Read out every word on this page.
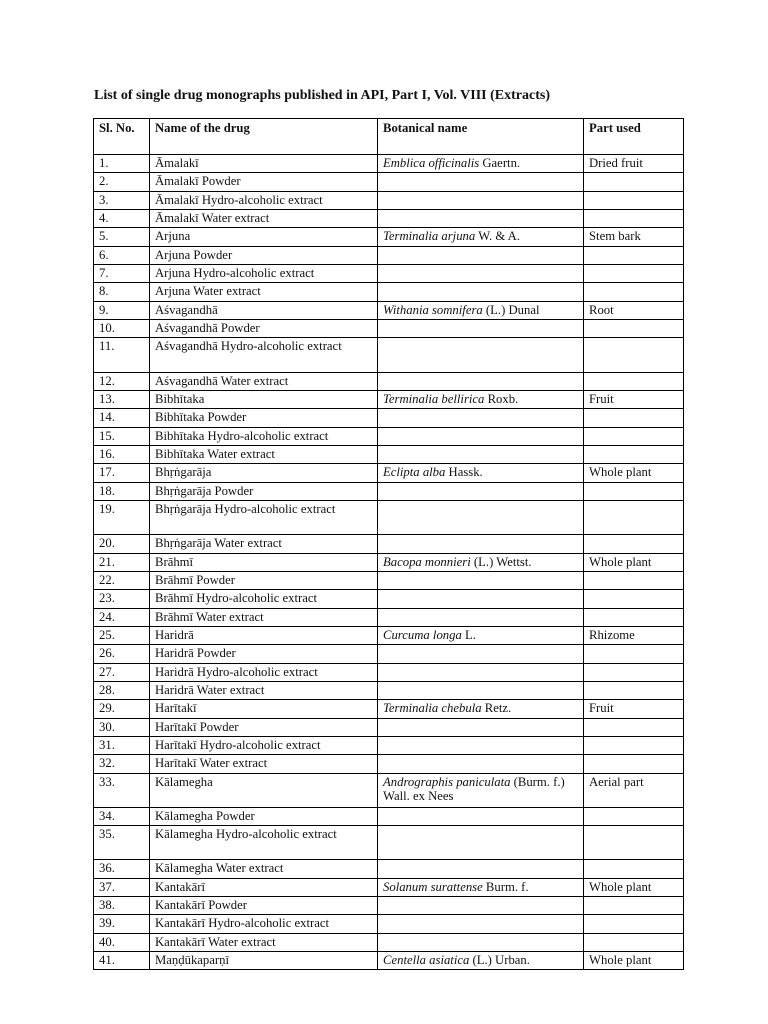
List of single drug monographs published in API, Part I, Vol. VIII (Extracts)
Sl. No.	Name of the drug	Botanical name	Part used
1.	Āmalakī	Emblica officinalis Gaertn.	Dried fruit
2.	Āmalakī Powder		
3.	Āmalakī Hydro-alcoholic extract		
4.	Āmalakī Water extract		
5.	Arjuna	Terminalia arjuna W. & A.	Stem bark
6.	Arjuna Powder		
7.	Arjuna Hydro-alcoholic extract		
8.	Arjuna Water extract		
9.	Aśvagandhā	Withania somnifera (L.) Dunal	Root
10.	Aśvagandhā Powder		
11.	Aśvagandhā Hydro-alcoholic extract		
12.	Aśvagandhā Water extract		
13.	Bibhītaka	Terminalia bellirica Roxb.	Fruit
14.	Bibhītaka Powder		
15.	Bibhītaka Hydro-alcoholic extract		
16.	Bibhītaka Water extract		
17.	Bhṛṅgarāja	Eclipta alba Hassk.	Whole plant
18.	Bhṛṅgarāja Powder		
19.	Bhṛṅgarāja Hydro-alcoholic extract		
20.	Bhṛṅgarāja Water extract		
21.	Brāhmī	Bacopa monnieri (L.) Wettst.	Whole plant
22.	Brāhmī Powder		
23.	Brāhmī Hydro-alcoholic extract		
24.	Brāhmī Water extract		
25.	Haridrā	Curcuma longa L.	Rhizome
26.	Haridrā Powder		
27.	Haridrā Hydro-alcoholic extract		
28.	Haridrā Water extract		
29.	Harītakī	Terminalia chebula Retz.	Fruit
30.	Harītakī Powder		
31.	Harītakī Hydro-alcoholic extract		
32.	Harītakī Water extract		
33.	Kālamegha	Andrographis paniculata (Burm. f.) Wall. ex Nees	Aerial part
34.	Kālamegha Powder		
35.	Kālamegha Hydro-alcoholic extract		
36.	Kālamegha Water extract		
37.	Kantakārī	Solanum surattense Burm. f.	Whole plant
38.	Kantakārī Powder		
39.	Kantakārī Hydro-alcoholic extract		
40.	Kantakārī Water extract		
41.	Maṇḍūkaparṇī	Centella asiatica (L.) Urban.	Whole plant
